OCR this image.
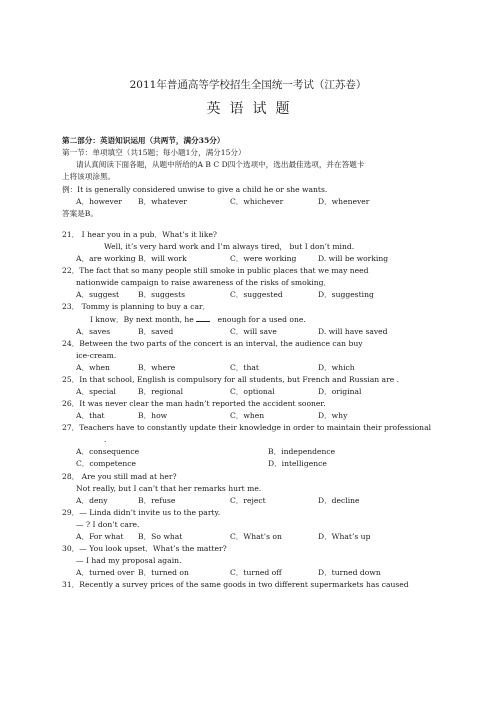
2011年普通高等学校招生全国统一考试（江苏卷）
英语试题
第二部分：英语知识运用（共两节，满分35分）
第一节：单项填空（共15题；每小题1分，满分15分）
请认真阅读下面各题，从题中所给的A B C D四个选项中，选出最佳选项，并在答题卡
上将该项涂黑。
例：It is generally considered unwise to give a child he or she wants.
A．however B．whatever	C．whichever	D．whenever
答案是B。
21． I hear you in a pub．What’s it like?
Well, it’s very hard work and I’m always tired， but I don’t mind.
A．are working B．will work	C．were working	D. will be working
22．The fact that so many people still smoke in public places that we may need
nationwide campaign to raise awareness of the risks of smoking．
A．suggest B．suggests	C．suggested	D．suggesting
23． Tommy is planning to buy a car．
I know．By next month, he	enough for a used one.
A．saves	B．saved	C．will save	D. will have saved
24．Between the two parts of the concert is an interval, the audience can buy
ice-cream.
A．when	B．where	C．that	D．which
25．In that school, English is compulsory for all students, but French and Russian are .
A．special	B．regional	C．optional	D．original
26．It was never clear the man hadn’t reported the accident sooner.
A．that	B．how	C．when	D．why
27．Teachers have to constantly update their knowledge in order to maintain their professional
.
A．consequence	B．independence
C．competence	D．intelligence
28． Are you still mad at her?
Not really, but I can’t that her remarks hurt me.
A．deny	B．refuse	C．reject	D．decline
29．— Linda didn’t invite us to the party.
— ? I don’t care.
A．For what B．So what	C．What’s on	D．What’s up
30．— You look upset．What’s the matter?
— I had my proposal again.
A．turned over B．turned on	C．turned off	D．turned down
31．Recently a survey prices of the same goods in two different supermarkets has caused
